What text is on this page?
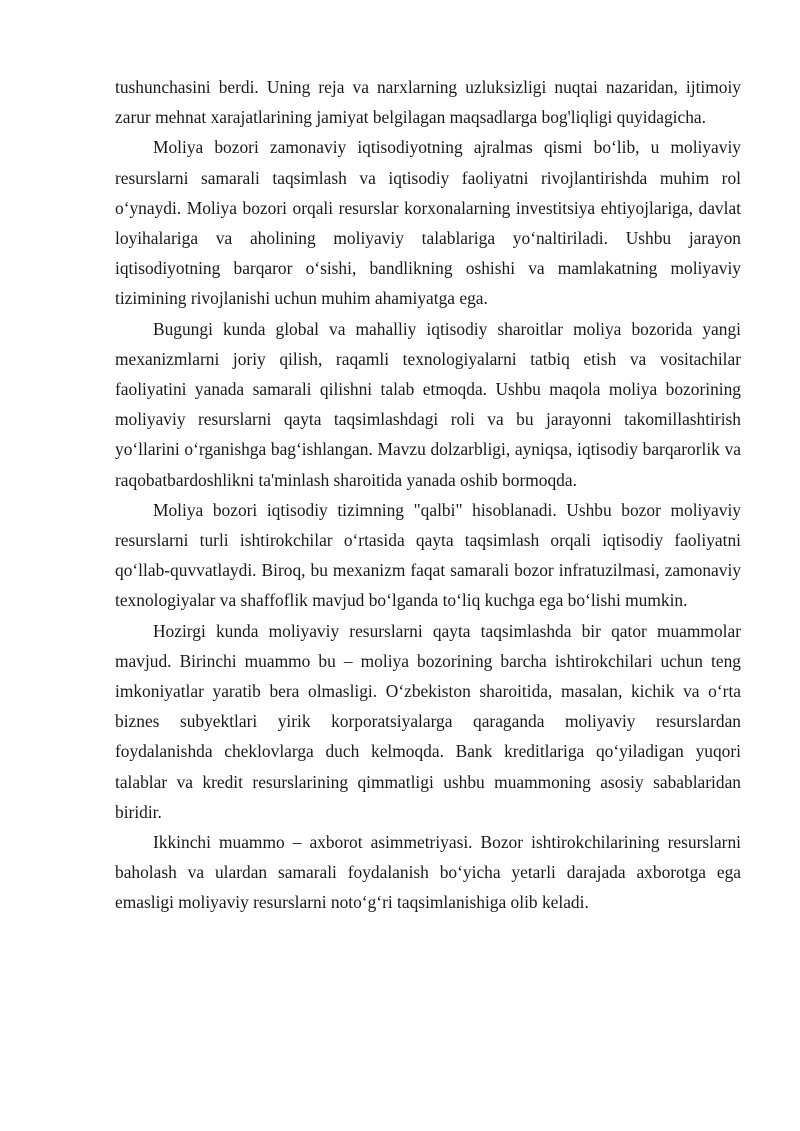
tushunchasini berdi. Uning reja va narxlarning uzluksizligi nuqtai nazaridan, ijtimoiy zarur mehnat xarajatlarining jamiyat belgilagan maqsadlarga bog'liqligi quyidagicha.

Moliya bozori zamonaviy iqtisodiyotning ajralmas qismi bo‘lib, u moliyaviy resurslarni samarali taqsimlash va iqtisodiy faoliyatni rivojlantirishda muhim rol o‘ynaydi. Moliya bozori orqali resurslar korxonalarning investitsiya ehtiyojlariga, davlat loyihalariga va aholining moliyaviy talablariga yo‘naltiriladi. Ushbu jarayon iqtisodiyotning barqaror o‘sishi, bandlikning oshishi va mamlakatning moliyaviy tizimining rivojlanishi uchun muhim ahamiyatga ega.

Bugungi kunda global va mahalliy iqtisodiy sharoitlar moliya bozorida yangi mexanizmlarni joriy qilish, raqamli texnologiyalarni tatbiq etish va vositachilar faoliyatini yanada samarali qilishni talab etmoqda. Ushbu maqola moliya bozorining moliyaviy resurslarni qayta taqsimlashdagi roli va bu jarayonni takomillashtirish yo‘llarini o‘rganishga bag‘ishlangan. Mavzu dolzarbligi, ayniqsa, iqtisodiy barqarorlik va raqobatbardoshlikni ta'minlash sharoitida yanada oshib bormoqda.

Moliya bozori iqtisodiy tizimning "qalbi" hisoblanadi. Ushbu bozor moliyaviy resurslarni turli ishtirokchilar o‘rtasida qayta taqsimlash orqali iqtisodiy faoliyatni qo‘llab-quvvatlaydi. Biroq, bu mexanizm faqat samarali bozor infratuzilmasi, zamonaviy texnologiyalar va shaffoflik mavjud bo‘lganda to‘liq kuchga ega bo‘lishi mumkin.

Hozirgi kunda moliyaviy resurslarni qayta taqsimlashda bir qator muammolar mavjud. Birinchi muammo bu – moliya bozorining barcha ishtirokchilari uchun teng imkoniyatlar yaratib bera olmasligi. O‘zbekiston sharoitida, masalan, kichik va o‘rta biznes subyektlari yirik korporatsiyalarga qaraganda moliyaviy resurslardan foydalanishda cheklovlarga duch kelmoqda. Bank kreditlariga qo‘yiladigan yuqori talablar va kredit resurslarining qimmatligi ushbu muammoning asosiy sabablaridan biridir.

Ikkinchi muammo – axborot asimmetriyasi. Bozor ishtirokchilarining resurslarni baholash va ulardan samarali foydalanish bo‘yicha yetarli darajada axborotga ega emasligi moliyaviy resurslarni noto‘g‘ri taqsimlanishiga olib keladi.
